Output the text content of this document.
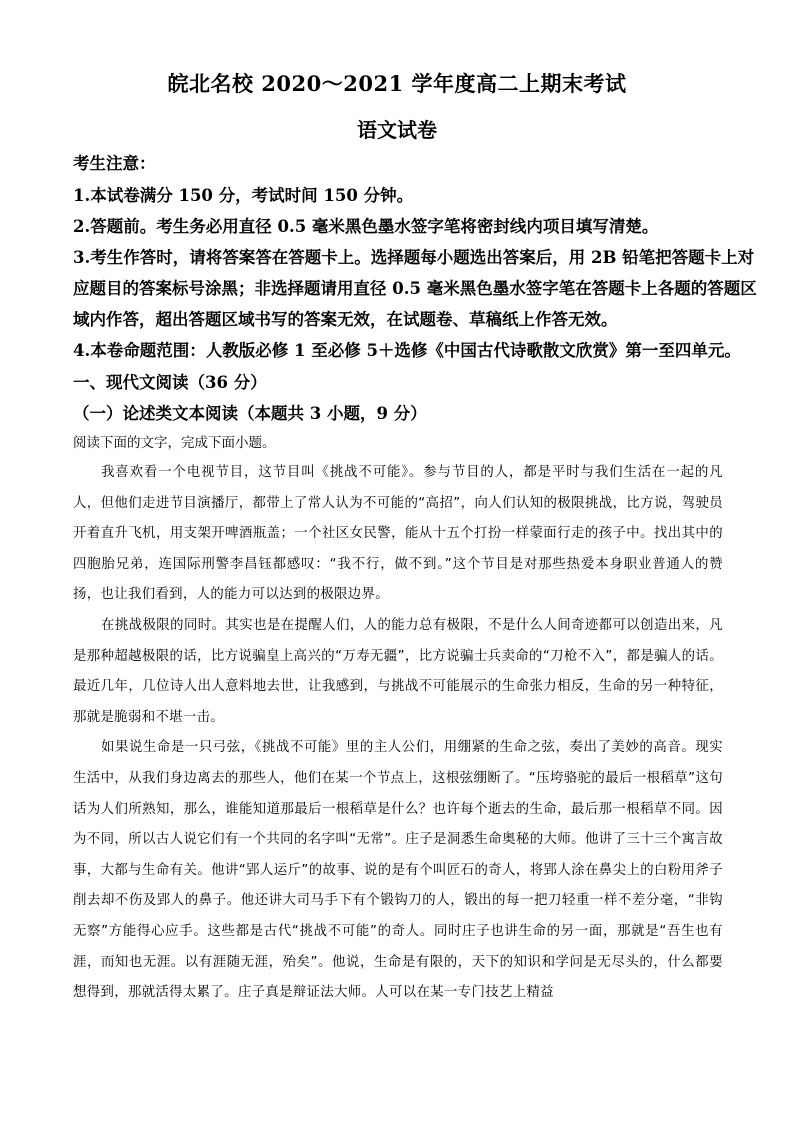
皖北名校 2020～2021 学年度高二上期末考试
语文试卷
考生注意：
1.本试卷满分 150 分，考试时间 150 分钟。
2.答题前。考生务必用直径 0.5 毫米黑色墨水签字笔将密封线内项目填写清楚。
3.考生作答时，请将答案答在答题卡上。选择题每小题选出答案后，用 2B 铅笔把答题卡上对
应题目的答案标号涂黑；非选择题请用直径 0.5 毫米黑色墨水签字笔在答题卡上各题的答题区
域内作答，超出答题区域书写的答案无效，在试题卷、草稿纸上作答无效。
4.本卷命题范围：人教版必修 1 至必修 5＋选修《中国古代诗歌散文欣赏》第一至四单元。
一、现代文阅读（36 分）
（一）论述类文本阅读（本题共 3 小题，9 分）
阅读下面的文字，完成下面小题。

我喜欢看一个电视节目，这节目叫《挑战不可能》。参与节目的人，都是平时与我们生活在一起的凡人，但他们走进节目演播厅，都带上了常人认为不可能的“高招”，向人们认知的极限挑战，比方说，驾驶员开着直升飞机，用支架开啤酒瓶盖；一个社区女民警，能从十五个打扮一样蒙面行走的孩子中。找出其中的四胞胎兄弟，连国际刑警李昌钰都感叹：“我不行，做不到。”这个节目是对那些热爱本身职业普通人的赞扬，也让我们看到，人的能力可以达到的极限边界。

在挑战极限的同时。其实也是在提醒人们，人的能力总有极限，不是什么人间奇迹都可以创造出来，凡是那种超越极限的话，比方说骗皇上高兴的“万寿无疆”，比方说骗士兵卖命的“刀枪不入”，都是骗人的话。最近几年，几位诗人出人意料地去世，让我感到，与挑战不可能展示的生命张力相反，生命的另一种特征，那就是脆弱和不堪一击。

如果说生命是一只弓弦，《挑战不可能》里的主人公们，用绷紧的生命之弦，奏出了美妙的高音。现实生活中，从我们身边离去的那些人，他们在某一个节点上，这根弦绷断了。“压垮骆驼的最后一根稻草”这句话为人们所熟知，那么，谁能知道那最后一根稻草是什么？也许每个逝去的生命，最后那一根稻草不同。因为不同，所以古人说它们有一个共同的名字叫“无常”。庄子是洞悉生命奥秘的大师。他讲了三十三个寓言故事，大都与生命有关。他讲“郢人运斤”的故事、说的是有个叫匠石的奇人，将郢人涂在鼻尖上的白粉用斧子削去却不伤及郢人的鼻子。他还讲大司马手下有个锻钩刀的人，锻出的每一把刀轻重一样不差分毫，“非钩无察”方能得心应手。这些都是古代“挑战不可能”的奇人。同时庄子也讲生命的另一面，那就是“吾生也有涯，而知也无涯。以有涯随无涯，殆矣”。他说，生命是有限的，天下的知识和学问是无尽头的，什么都要想得到，那就活得太累了。庄子真是辩证法大师。人可以在某一专门技艺上精益
